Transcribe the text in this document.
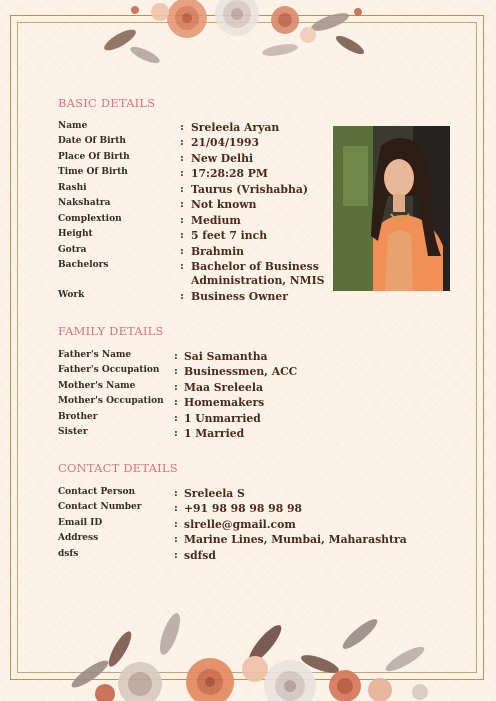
BASIC DETAILS
Name	: Sreleela Aryan
Date Of Birth	: 21/04/1993
Place Of Birth	: New Delhi
Time Of Birth	: 17:28:28 PM
Rashi	: Taurus (Vrishabha)
Nakshatra	: Not known
Complextion	: Medium
Height	: 5 feet 7 inch
Gotra	: Brahmin
Bachelors	: Bachelor of Business
Administration, NMIS
Work	: Business Owner
FAMILY DETAILS
Father's Name	: Sai Samantha
Father's Occupation	: Businessmen, ACC
Mother's Name	: Maa Sreleela
Mother's Occupation : Homemakers
Brother	: 1 Unmarried
Sister	: 1 Married
CONTACT DETAILS
Contact Person	: Sreleela S
Contact Number	: +91 98 98 98 98 98
Email ID	: slrelle@gmail.com
Address	: Marine Lines, Mumbai, Maharashtra
dsfs	: sdfsd
